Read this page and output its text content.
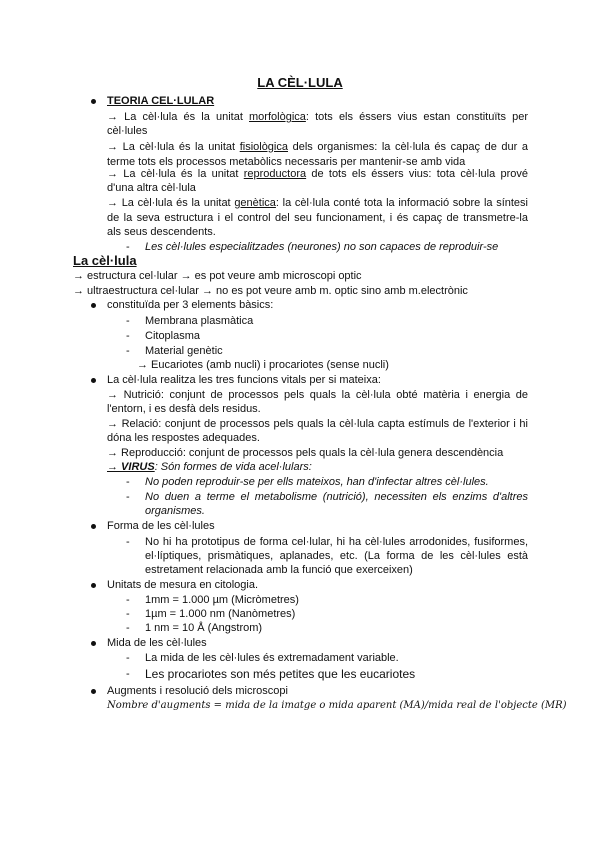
LA CÈL·LULA
TEORIA CEL·LULAR
→ La cèl·lula és la unitat morfològica: tots els éssers vius estan constituïts per
cèl·lules
→ La cèl·lula és la unitat fisiològica dels organismes: la cèl·lula és capaç de dur a
terme tots els processos metabòlics necessaris per mantenir-se amb vida
→ La cèl·lula és la unitat reproductora de tots els éssers vius: tota cèl·lula prové
d'una altra cèl·lula
→ La cèl·lula és la unitat genètica: la cèl·lula conté tota la informació sobre la síntesi
de la seva estructura i el control del seu funcionament, i és capaç de transmetre-la
als seus descendents.
- Les cèl·lules especialitzades (neurones) no son capaces de reproduir-se
La cèl·lula
→ estructura cel·lular → es pot veure amb microscopi optic
→ ultraestructura cel·lular → no es pot veure amb m. optic sino amb m.electrònic
constituïda per 3 elements bàsics:
- Membrana plasmàtica
- Citoplasma
- Material genètic
→ Eucariotes (amb nucli) i procariotes (sense nucli)
La cèl·lula realitza les tres funcions vitals per si mateixa:
→ Nutrició: conjunt de processos pels quals la cèl·lula obté matèria i energia de
l'entorn, i es desfà dels residus.
→ Relació: conjunt de processos pels quals la cèl·lula capta estímuls de l'exterior i hi
dóna les respostes adequades.
→ Reproducció: conjunt de processos pels quals la cèl·lula genera descendència
→ VIRUS: Són formes de vida acel·lulars:
- No poden reproduir-se per ells mateixos, han d'infectar altres cèl·lules.
- No duen a terme el metabolisme (nutrició), necessiten els enzims d'altres
organismes.
Forma de les cèl·lules
- No hi ha prototipus de forma cel·lular, hi ha cèl·lules arrodonides, fusiformes,
el·líptiques, prismàtiques, aplanades, etc. (La forma de les cèl·lules està
estretament relacionada amb la funció que exerceixen)
Unitats de mesura en citologia.
- 1mm = 1.000 µm (Micròmetres)
- 1µm = 1.000 nm (Nanòmetres)
- 1 nm = 10 Å (Angstrom)
Mida de les cèl·lules
- La mida de les cèl·lules és extremadament variable.
- Les procariotes son més petites que les eucariotes
Augments i resolució dels microscopi
Nombre d'augments = mida de la imatge o mida aparent (MA)/mida real de l'objecte (MR)
